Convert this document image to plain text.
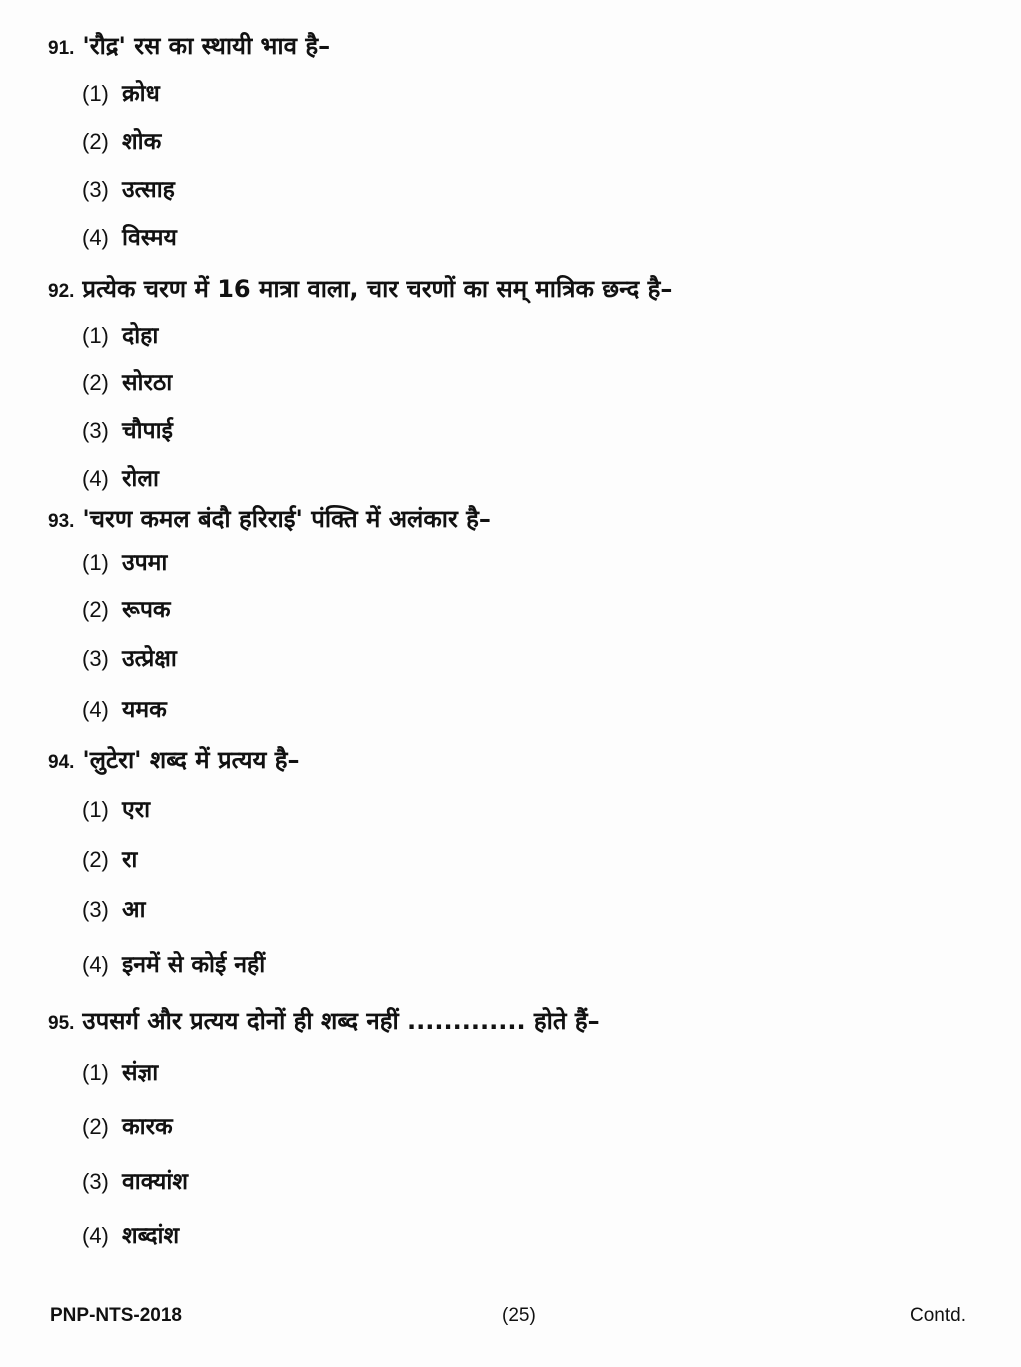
91. 'रौद्र' रस का स्थायी भाव है–
(1) क्रोध
(2) शोक
(3) उत्साह
(4) विस्मय
92. प्रत्येक चरण में 16 मात्रा वाला, चार चरणों का सम् मात्रिक छन्द है–
(1) दोहा
(2) सोरठा
(3) चौपाई
(4) रोला
93. 'चरण कमल बंदौ हरिराई' पंक्ति में अलंकार है–
(1) उपमा
(2) रूपक
(3) उत्प्रेक्षा
(4) यमक
94. 'लुटेरा' शब्द में प्रत्यय है–
(1) एरा
(2) रा
(3) आ
(4) इनमें से कोई नहीं
95. उपसर्ग और प्रत्यय दोनों ही शब्द नहीं ............. होते हैं–
(1) संज्ञा
(2) कारक
(3) वाक्यांश
(4) शब्दांश
PNP-NTS-2018	(25)	Contd.
